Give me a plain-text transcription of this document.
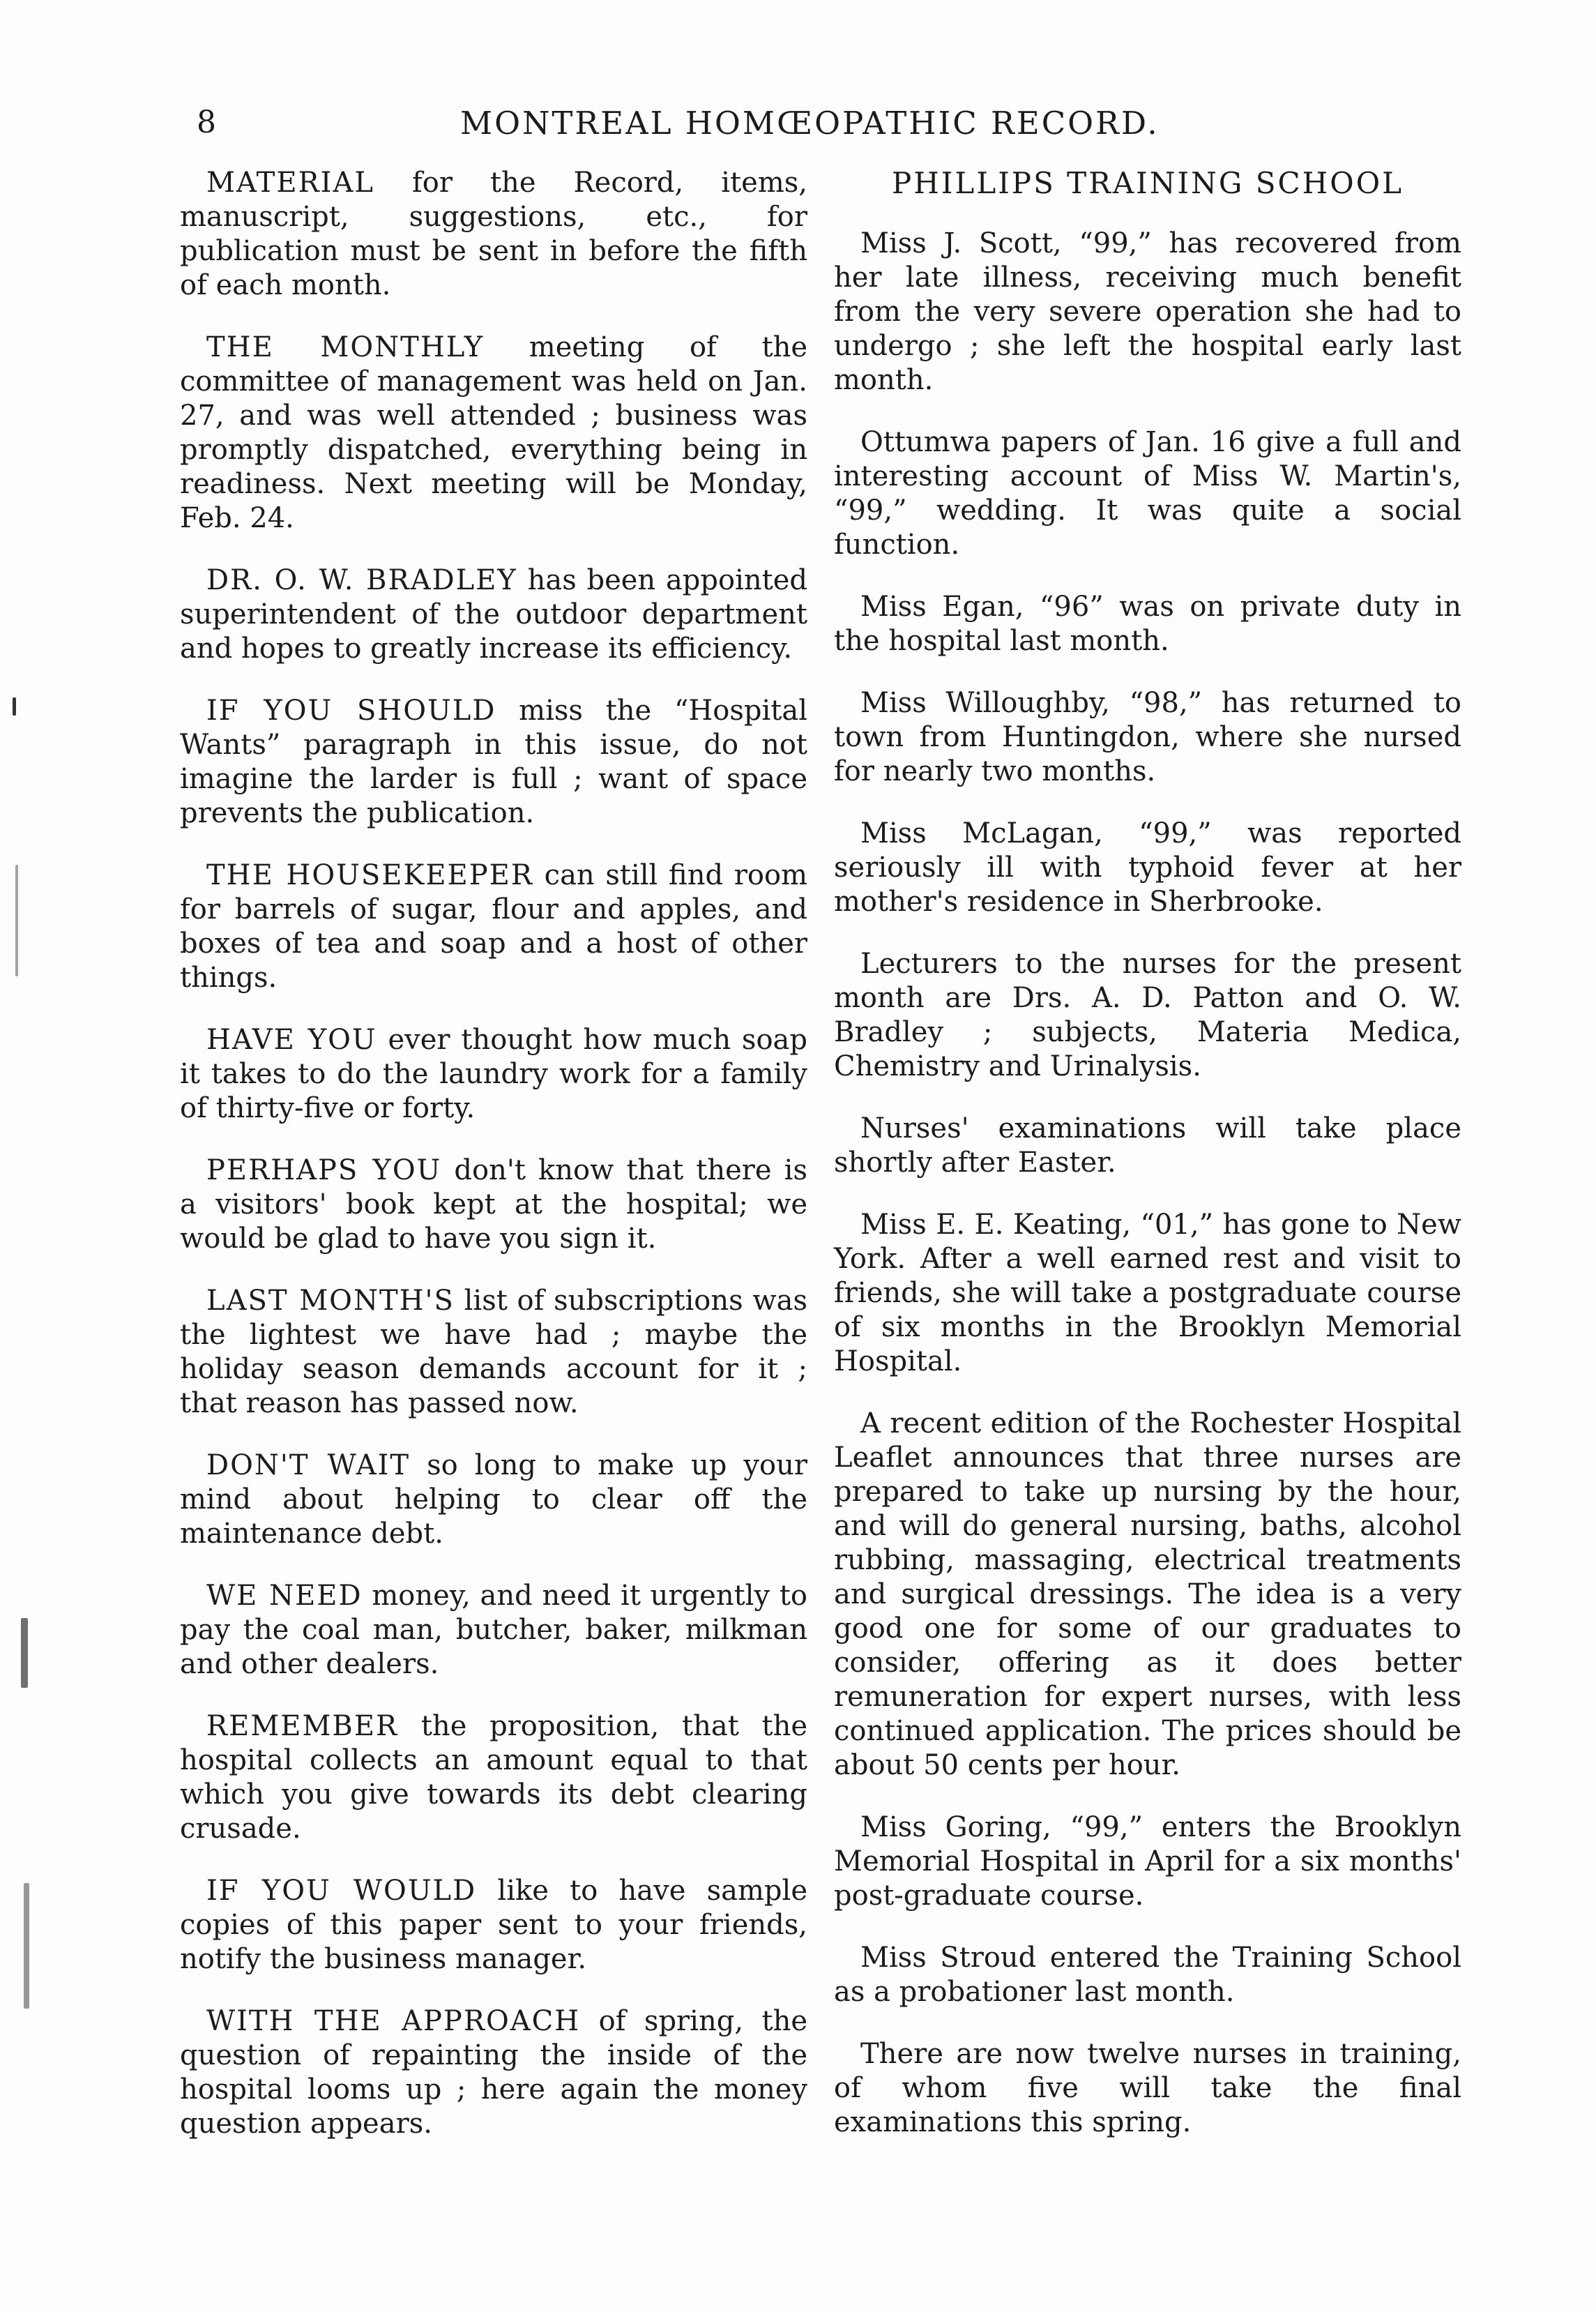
8	MONTREAL HOMŒOPATHIC RECORD.

MATERIAL for the Record, items, manuscript, suggestions, etc., for publication must be sent in before the fifth of each month.

THE MONTHLY meeting of the committee of management was held on Jan. 27, and was well attended ; business was promptly dispatched, everything being in readiness. Next meeting will be Monday, Feb. 24.

DR. O. W. BRADLEY has been appointed superintendent of the outdoor department and hopes to greatly increase its efficiency.

IF YOU SHOULD miss the “Hospital Wants” paragraph in this issue, do not imagine the larder is full ; want of space prevents the publication.

THE HOUSEKEEPER can still find room for barrels of sugar, flour and apples, and boxes of tea and soap and a host of other things.

HAVE YOU ever thought how much soap it takes to do the laundry work for a family of thirty-five or forty.

PERHAPS YOU don't know that there is a visitors' book kept at the hospital; we would be glad to have you sign it.

LAST MONTH'S list of subscriptions was the lightest we have had ; maybe the holiday season demands account for it ; that reason has passed now.

DON'T WAIT so long to make up your mind about helping to clear off the maintenance debt.

WE NEED money, and need it urgently to pay the coal man, butcher, baker, milkman and other dealers.

REMEMBER the proposition, that the hospital collects an amount equal to that which you give towards its debt clearing crusade.

IF YOU WOULD like to have sample copies of this paper sent to your friends, notify the business manager.

WITH THE APPROACH of spring, the question of repainting the inside of the hospital looms up ; here again the money question appears.

PHILLIPS TRAINING SCHOOL

Miss J. Scott, “99,” has recovered from her late illness, receiving much benefit from the very severe operation she had to undergo ; she left the hospital early last month.

Ottumwa papers of Jan. 16 give a full and interesting account of Miss W. Martin's, “99,” wedding. It was quite a social function.

Miss Egan, “96” was on private duty in the hospital last month.

Miss Willoughby, “98,” has returned to town from Huntingdon, where she nursed for nearly two months.

Miss McLagan, “99,” was reported seriously ill with typhoid fever at her mother's residence in Sherbrooke.

Lecturers to the nurses for the present month are Drs. A. D. Patton and O. W. Bradley ; subjects, Materia Medica, Chemistry and Urinalysis.

Nurses' examinations will take place shortly after Easter.

Miss E. E. Keating, “01,” has gone to New York. After a well earned rest and visit to friends, she will take a postgraduate course of six months in the Brooklyn Memorial Hospital.

A recent edition of the Rochester Hospital Leaflet announces that three nurses are prepared to take up nursing by the hour, and will do general nursing, baths, alcohol rubbing, massaging, electrical treatments and surgical dressings. The idea is a very good one for some of our graduates to consider, offering as it does better remuneration for expert nurses, with less continued application. The prices should be about 50 cents per hour.

Miss Goring, “99,” enters the Brooklyn Memorial Hospital in April for a six months' post-graduate course.

Miss Stroud entered the Training School as a probationer last month.

There are now twelve nurses in training, of whom five will take the final examinations this spring.
